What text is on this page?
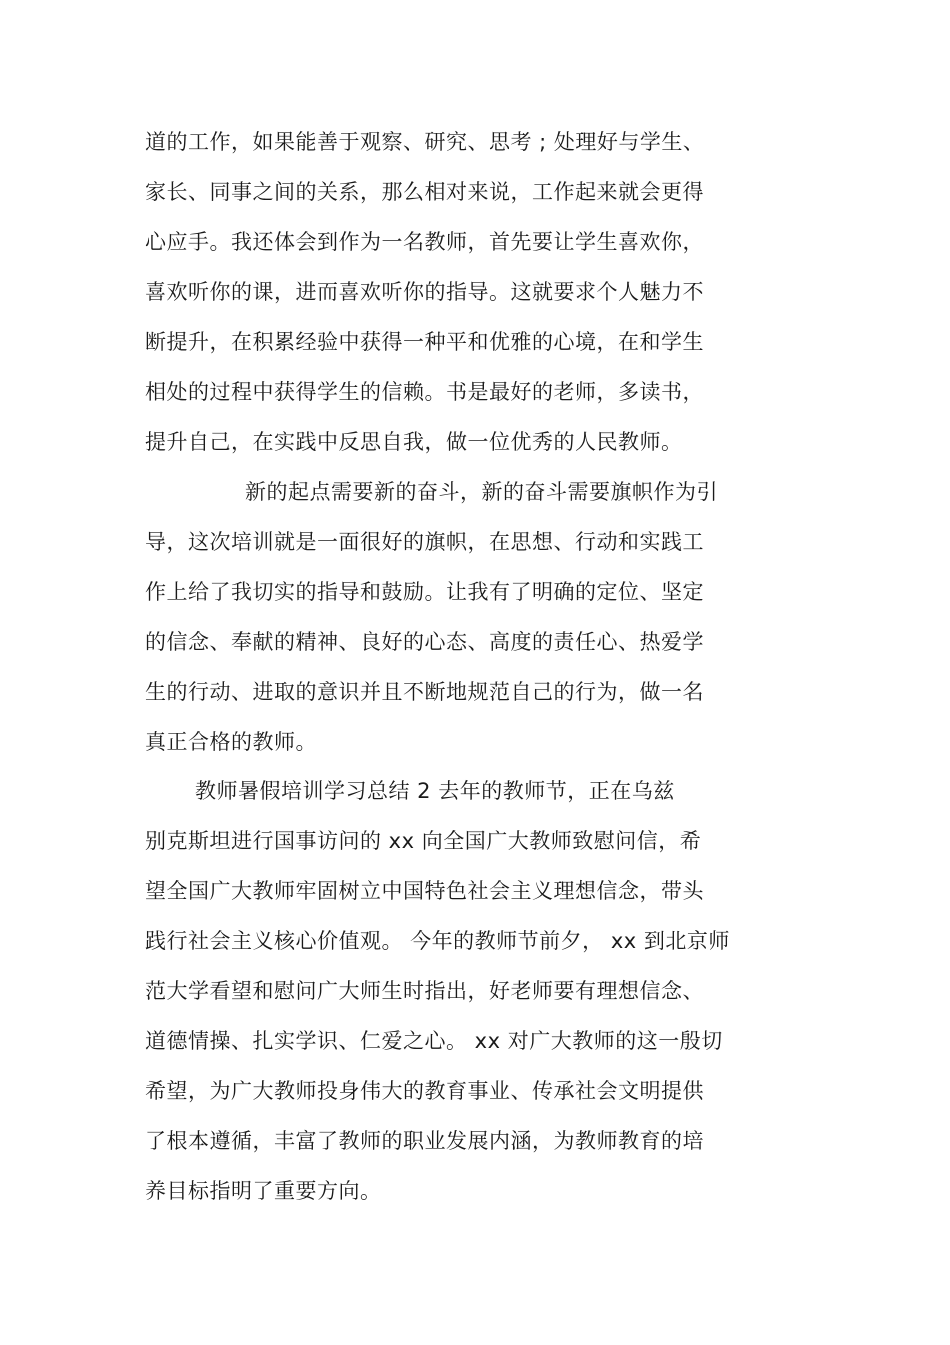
道的工作，如果能善于观察、研究、思考 ; 处理好与学生、
家长、同事之间的关系，那么相对来说，工作起来就会更得
心应手。我还体会到作为一名教师，首先要让学生喜欢你，
喜欢听你的课，进而喜欢听你的指导。这就要求个人魅力不
断提升，在积累经验中获得一种平和优雅的心境，在和学生
相处的过程中获得学生的信赖。书是最好的老师，多读书，
提升自己，在实践中反思自我，做一位优秀的人民教师。
新的起点需要新的奋斗，新的奋斗需要旗帜作为引
导，这次培训就是一面很好的旗帜，在思想、行动和实践工
作上给了我切实的指导和鼓励。让我有了明确的定位、坚定
的信念、奉献的精神、良好的心态、高度的责任心、热爱学
生的行动、进取的意识并且不断地规范自己的行为，做一名
真正合格的教师。
教师暑假培训学习总结 2 去年的教师节，正在乌兹
别克斯坦进行国事访问的 xx 向全国广大教师致慰问信，希
望全国广大教师牢固树立中国特色社会主义理想信念，带头
践行社会主义核心价值观。 今年的教师节前夕， xx 到北京师
范大学看望和慰问广大师生时指出，好老师要有理想信念、
道德情操、扎实学识、仁爱之心。 xx 对广大教师的这一殷切
希望，为广大教师投身伟大的教育事业、传承社会文明提供
了根本遵循，丰富了教师的职业发展内涵，为教师教育的培
养目标指明了重要方向。
